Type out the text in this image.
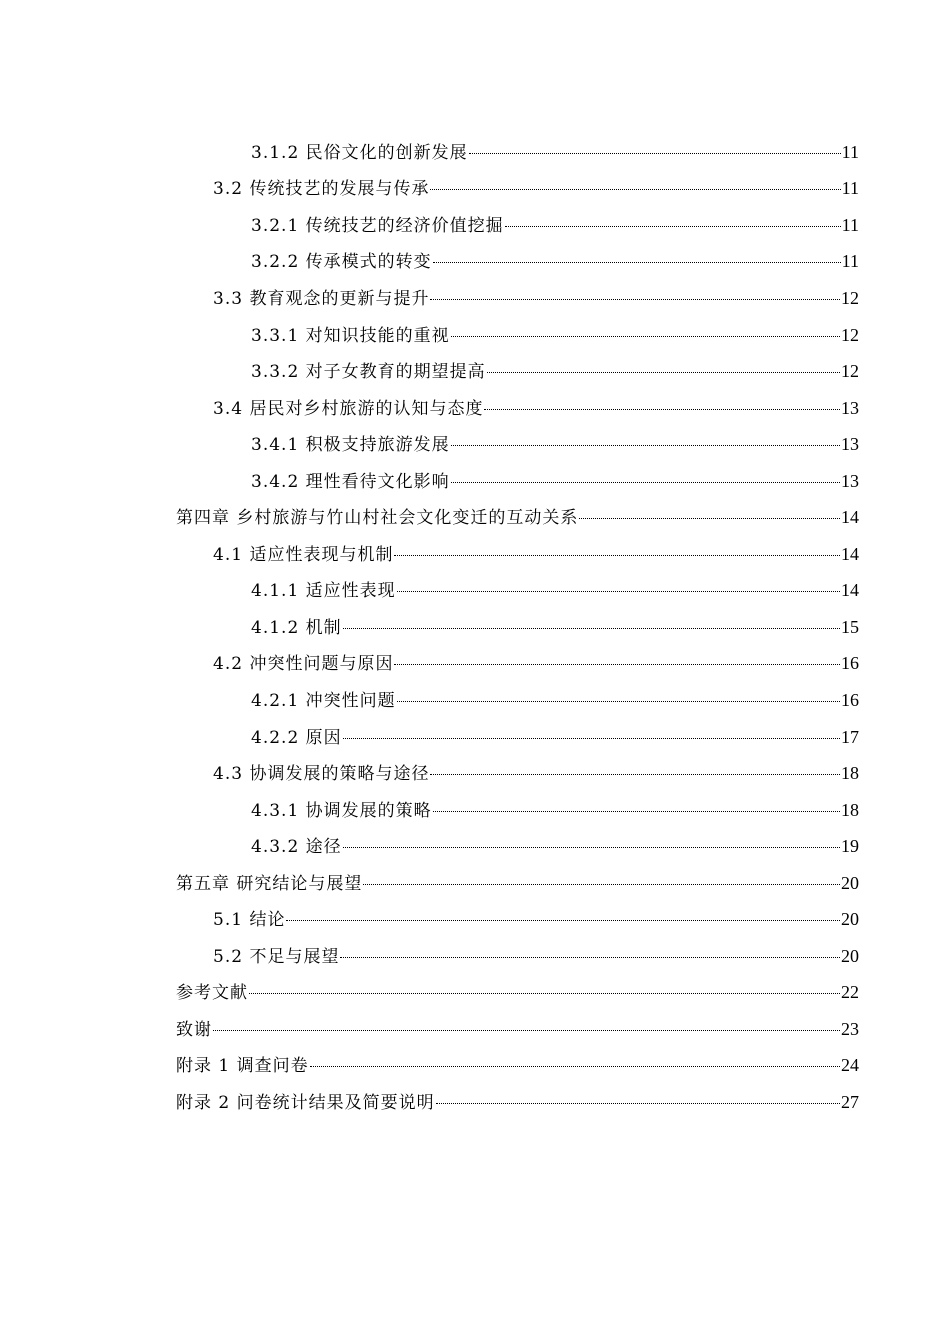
3.1.2 民俗文化的创新发展	11
3.2 传统技艺的发展与传承	11
3.2.1 传统技艺的经济价值挖掘	11
3.2.2 传承模式的转变	11
3.3 教育观念的更新与提升	12
3.3.1 对知识技能的重视	12
3.3.2 对子女教育的期望提高	12
3.4 居民对乡村旅游的认知与态度	13
3.4.1 积极支持旅游发展	13
3.4.2 理性看待文化影响	13
第四章 乡村旅游与竹山村社会文化变迁的互动关系	14
4.1 适应性表现与机制	14
4.1.1 适应性表现	14
4.1.2 机制	15
4.2 冲突性问题与原因	16
4.2.1 冲突性问题	16
4.2.2 原因	17
4.3 协调发展的策略与途径	18
4.3.1 协调发展的策略	18
4.3.2 途径	19
第五章 研究结论与展望	20
5.1 结论	20
5.2 不足与展望	20
参考文献	22
致谢	23
附录 1 调查问卷	24
附录 2 问卷统计结果及简要说明	27
